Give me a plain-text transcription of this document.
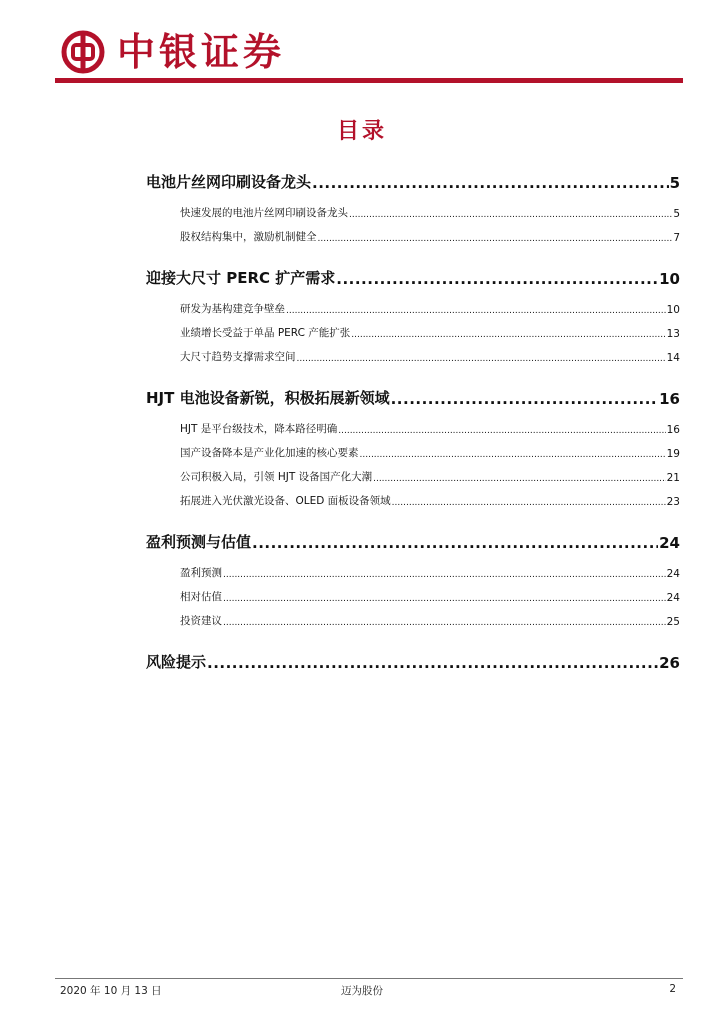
中银证券
目录
电池片丝网印刷设备龙头 .....	5
快速发展的电池片丝网印刷设备龙头 .....	5
股权结构集中，激励机制健全 .....	7
迎接大尺寸 PERC 扩产需求 .....	10
研发为基构建竞争壁垒 .....	10
业绩增长受益于单晶 PERC 产能扩张 .....	13
大尺寸趋势支撑需求空间 .....	14
HJT 电池设备新锐，积极拓展新领域 .....	16
HJT 是平台级技术，降本路径明确 .....	16
国产设备降本是产业化加速的核心要素 .....	19
公司积极入局，引领 HJT 设备国产化大潮 .....	21
拓展进入光伏激光设备、OLED 面板设备领域 .....	23
盈利预测与估值 .....	24
盈利预测 .....	24
相对估值 .....	24
投资建议 .....	25
风险提示 .....	26
2020 年 10 月 13 日	迈为股份	2
